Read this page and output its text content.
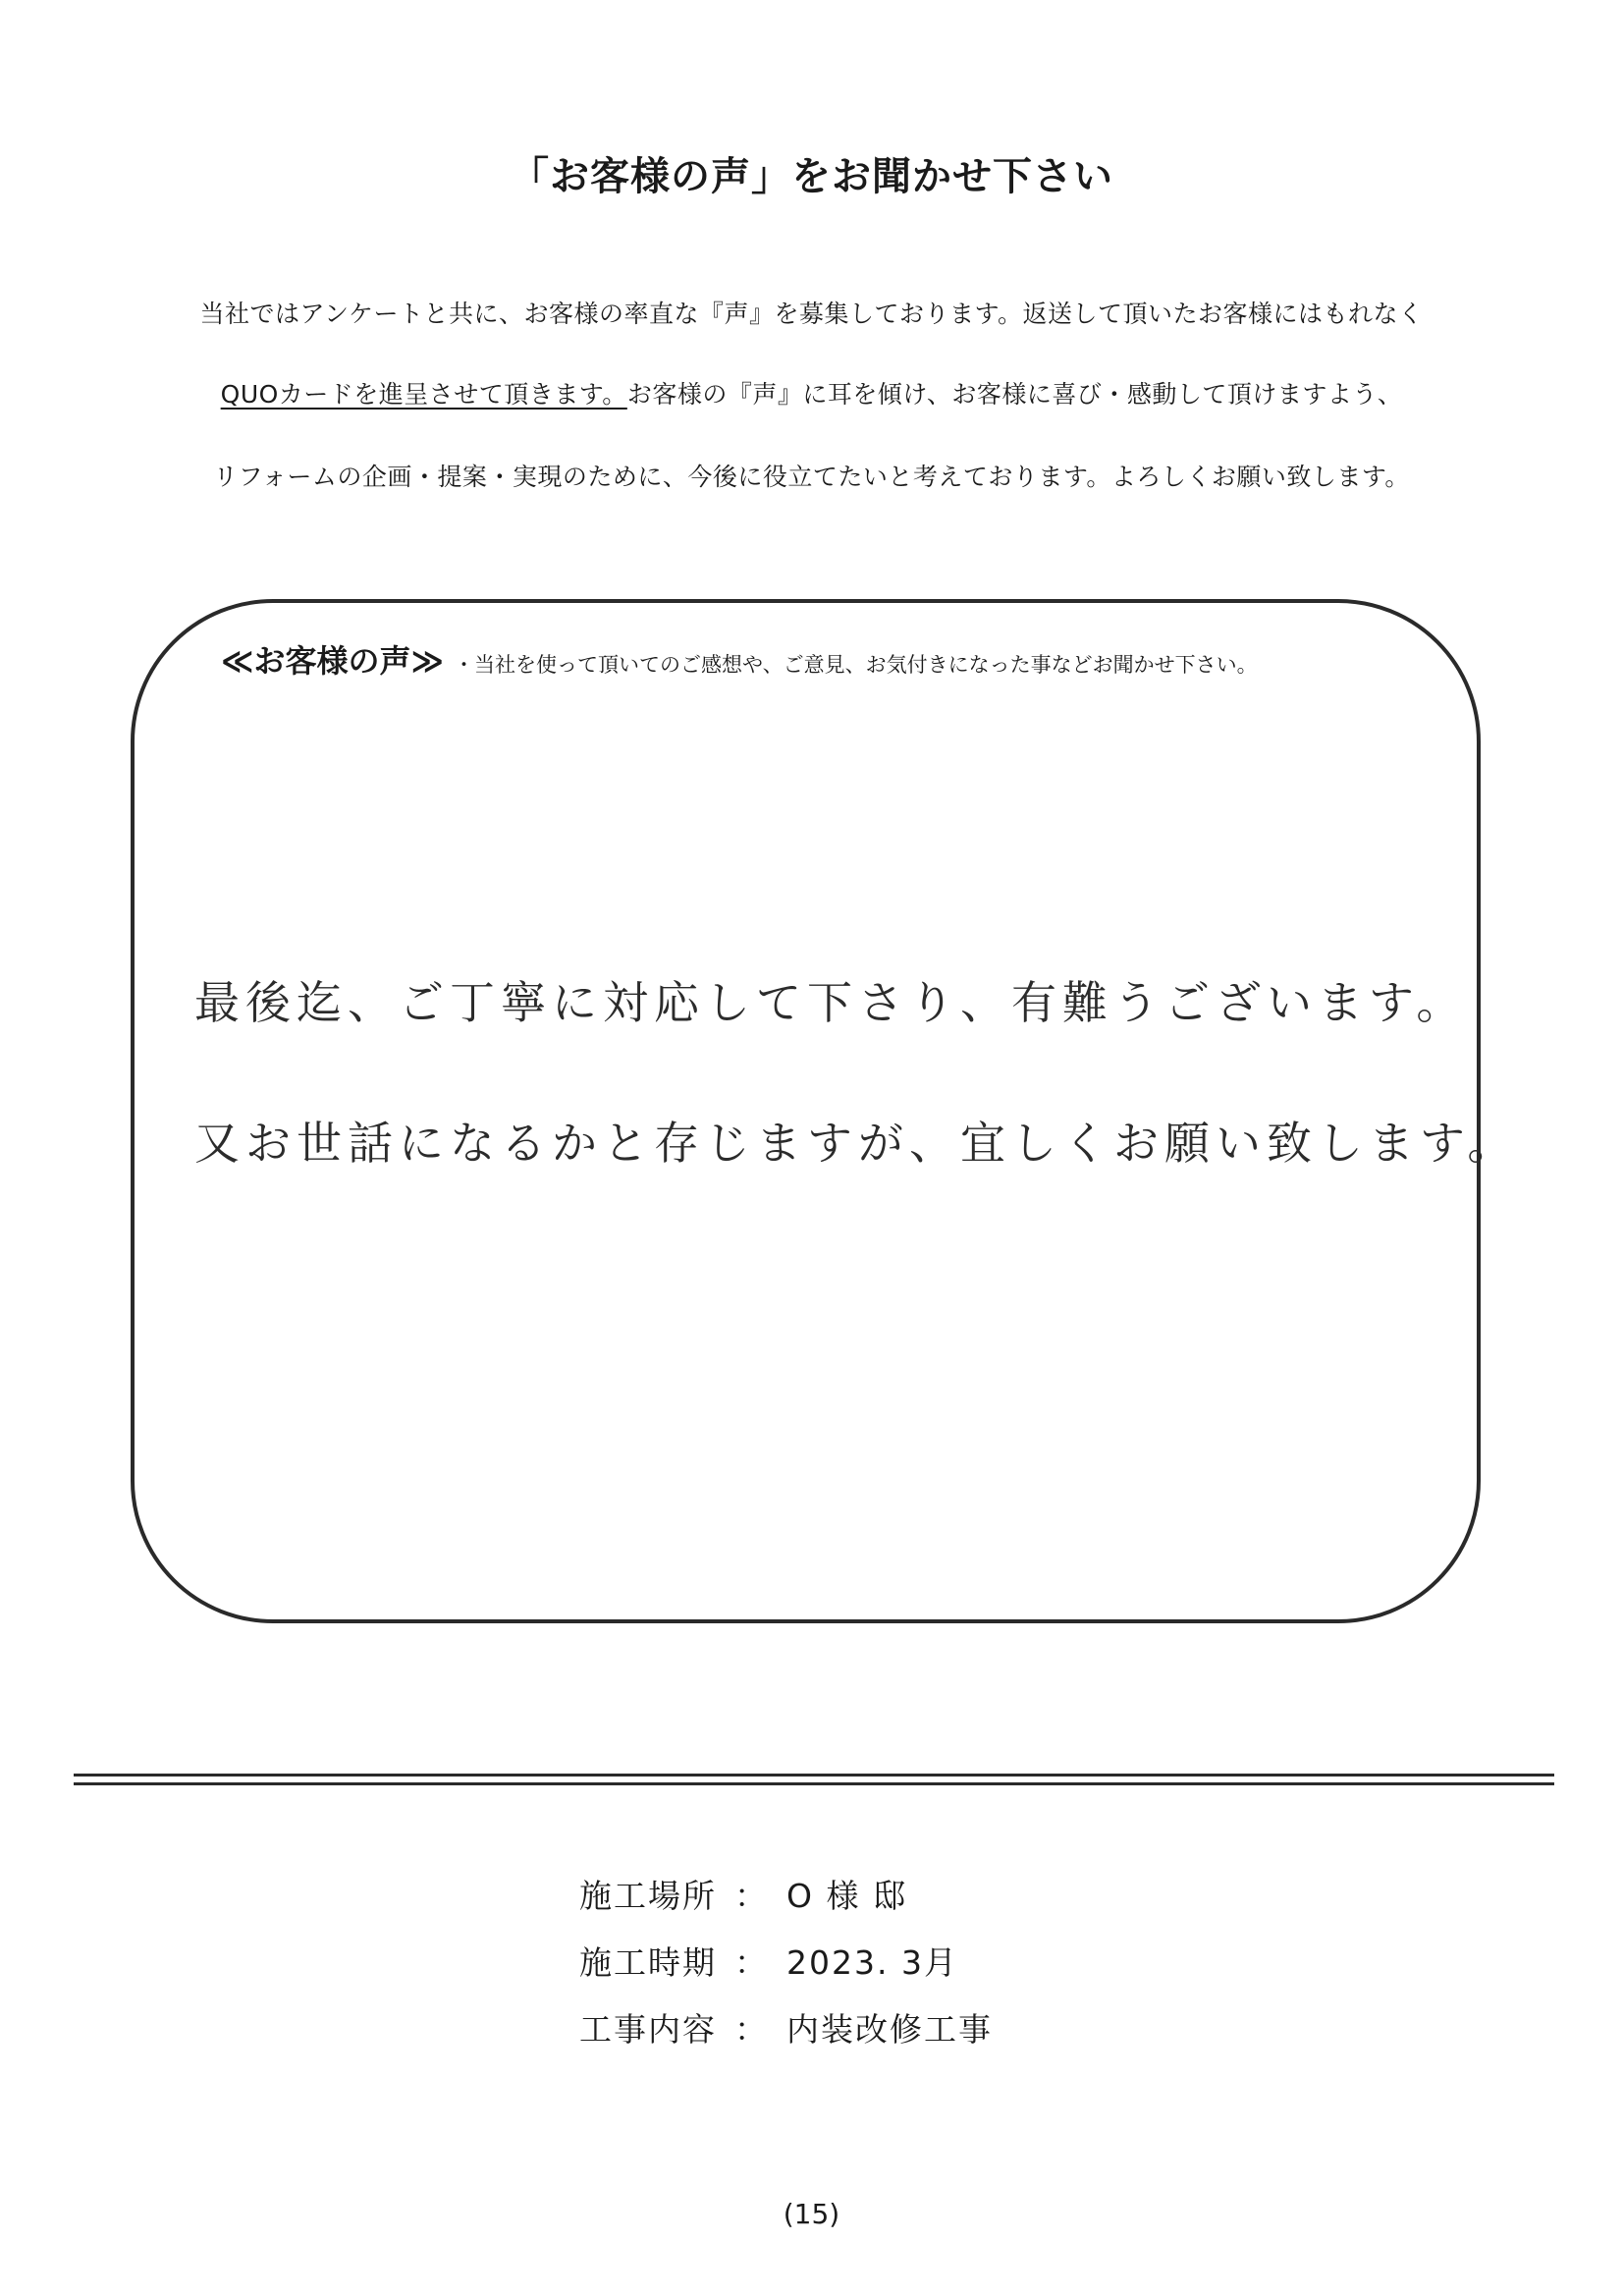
「お客様の声」をお聞かせ下さい
当社ではアンケートと共に、お客様の率直な『声』を募集しております。返送して頂いたお客様にはもれなく
QUOカードを進呈させて頂きます。お客様の『声』に耳を傾け、お客様に喜び・感動して頂けますよう、
リフォームの企画・提案・実現のために、今後に役立てたいと考えております。よろしくお願い致します。
≪お客様の声≫ ・当社を使って頂いてのご感想や、ご意見、お気付きになった事などお聞かせ下さい。
最後迄、ご丁寧に対応して下さり、有難うございます。
又お世話になるかと存じますが、宜しくお願い致します。
施工場所 ： O 様 邸
施工時期 ： 2023. 3月
工事内容 ： 内装改修工事
(15)
